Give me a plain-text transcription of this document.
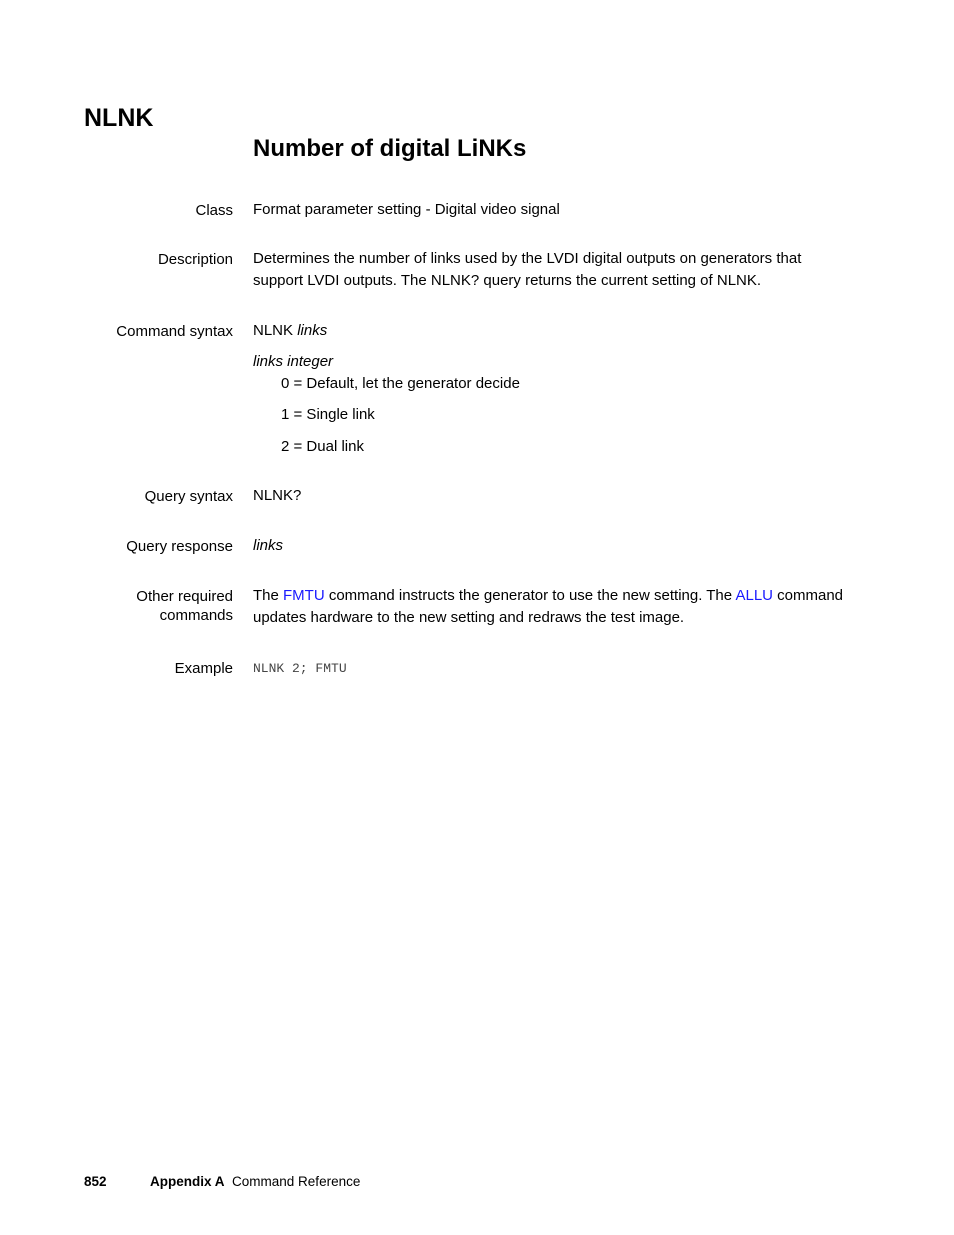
NLNK
Number of digital LiNKs
Class Format parameter setting - Digital video signal
Description Determines the number of links used by the LVDI digital outputs on generators that
support LVDI outputs. The NLNK? query returns the current setting of NLNK.
Command syntax NLNK links
links integer
0 = Default, let the generator decide
1 = Single link
2 = Dual link
Query syntax NLNK?
Query response links
Other required
commands
The FMTU command instructs the generator to use the new setting. The ALLU command
updates hardware to the new setting and redraws the test image.
Example NLNK 2; FMTU
852	Appendix A Command Reference
